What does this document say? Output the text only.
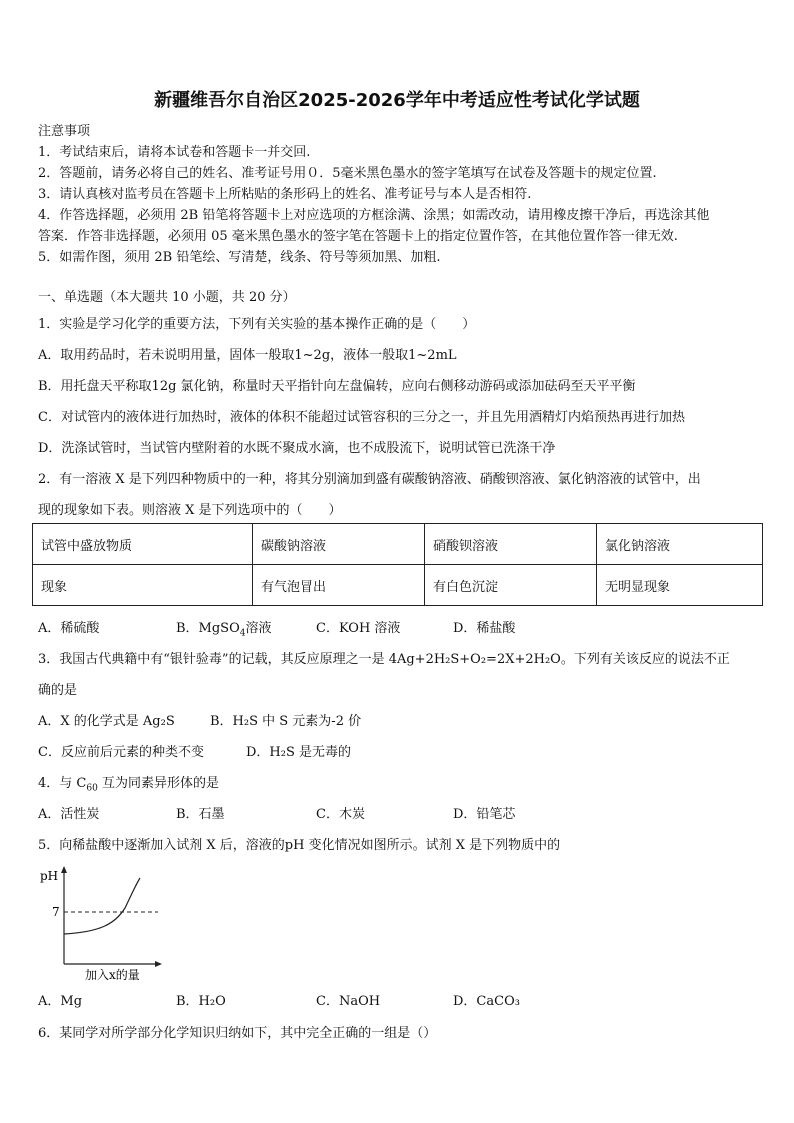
新疆维吾尔自治区2025-2026学年中考适应性考试化学试题
注意事项
1．考试结束后，请将本试卷和答题卡一并交回.
2．答题前，请务必将自己的姓名、准考证号用０．5毫米黑色墨水的签字笔填写在试卷及答题卡的规定位置.
3．请认真核对监考员在答题卡上所粘贴的条形码上的姓名、准考证号与本人是否相符.
4．作答选择题，必须用 2B 铅笔将答题卡上对应选项的方框涂满、涂黑；如需改动，请用橡皮擦干净后，再选涂其他
答案．作答非选择题，必须用 05 毫米黑色墨水的签字笔在答题卡上的指定位置作答，在其他位置作答一律无效.
5．如需作图，须用 2B 铅笔绘、写清楚，线条、符号等须加黑、加粗.
一、单选题（本大题共 10 小题，共 20 分）
1．实验是学习化学的重要方法，下列有关实验的基本操作正确的是（　　）
A．取用药品时，若未说明用量，固体一般取1~2g，液体一般取1~2mL
B．用托盘天平称取12g 氯化钠，称量时天平指针向左盘偏转，应向右侧移动游码或添加砝码至天平平衡
C．对试管内的液体进行加热时，液体的体积不能超过试管容积的三分之一，并且先用酒精灯内焰预热再进行加热
D．洗涤试管时，当试管内壁附着的水既不聚成水滴，也不成股流下，说明试管已洗涤干净
2．有一溶液 X 是下列四种物质中的一种，将其分别滴加到盛有碳酸钠溶液、硝酸钡溶液、氯化钠溶液的试管中，出
现的现象如下表。则溶液 X 是下列选项中的（　　）
试管中盛放物质	碳酸钠溶液	硝酸钡溶液	氯化钠溶液
现象	有气泡冒出	有白色沉淀	无明显现象
A．稀硫酸	B．MgSO$_4$溶液	C．KOH 溶液	D．稀盐酸
3．我国古代典籍中有“银针验毒”的记载，其反应原理之一是 4Ag+2H₂S+O₂=2X+2H₂O。下列有关该反应的说法不正
确的是
A．X 的化学式是 Ag₂S	B．H₂S 中 S 元素为-2 价
C．反应前后元素的种类不变	D．H₂S 是无毒的
4．与 $C_{60}$ 互为同素异形体的是
A．活性炭	B．石墨	C．木炭	D．铅笔芯
5．向稀盐酸中逐渐加入试剂 X 后，溶液的pH 变化情况如图所示。试剂 X 是下列物质中的
pH
7
加入x的量
A．Mg	B．H₂O	C．NaOH	D．CaCO₃
6．某同学对所学部分化学知识归纳如下，其中完全正确的一组是（）
